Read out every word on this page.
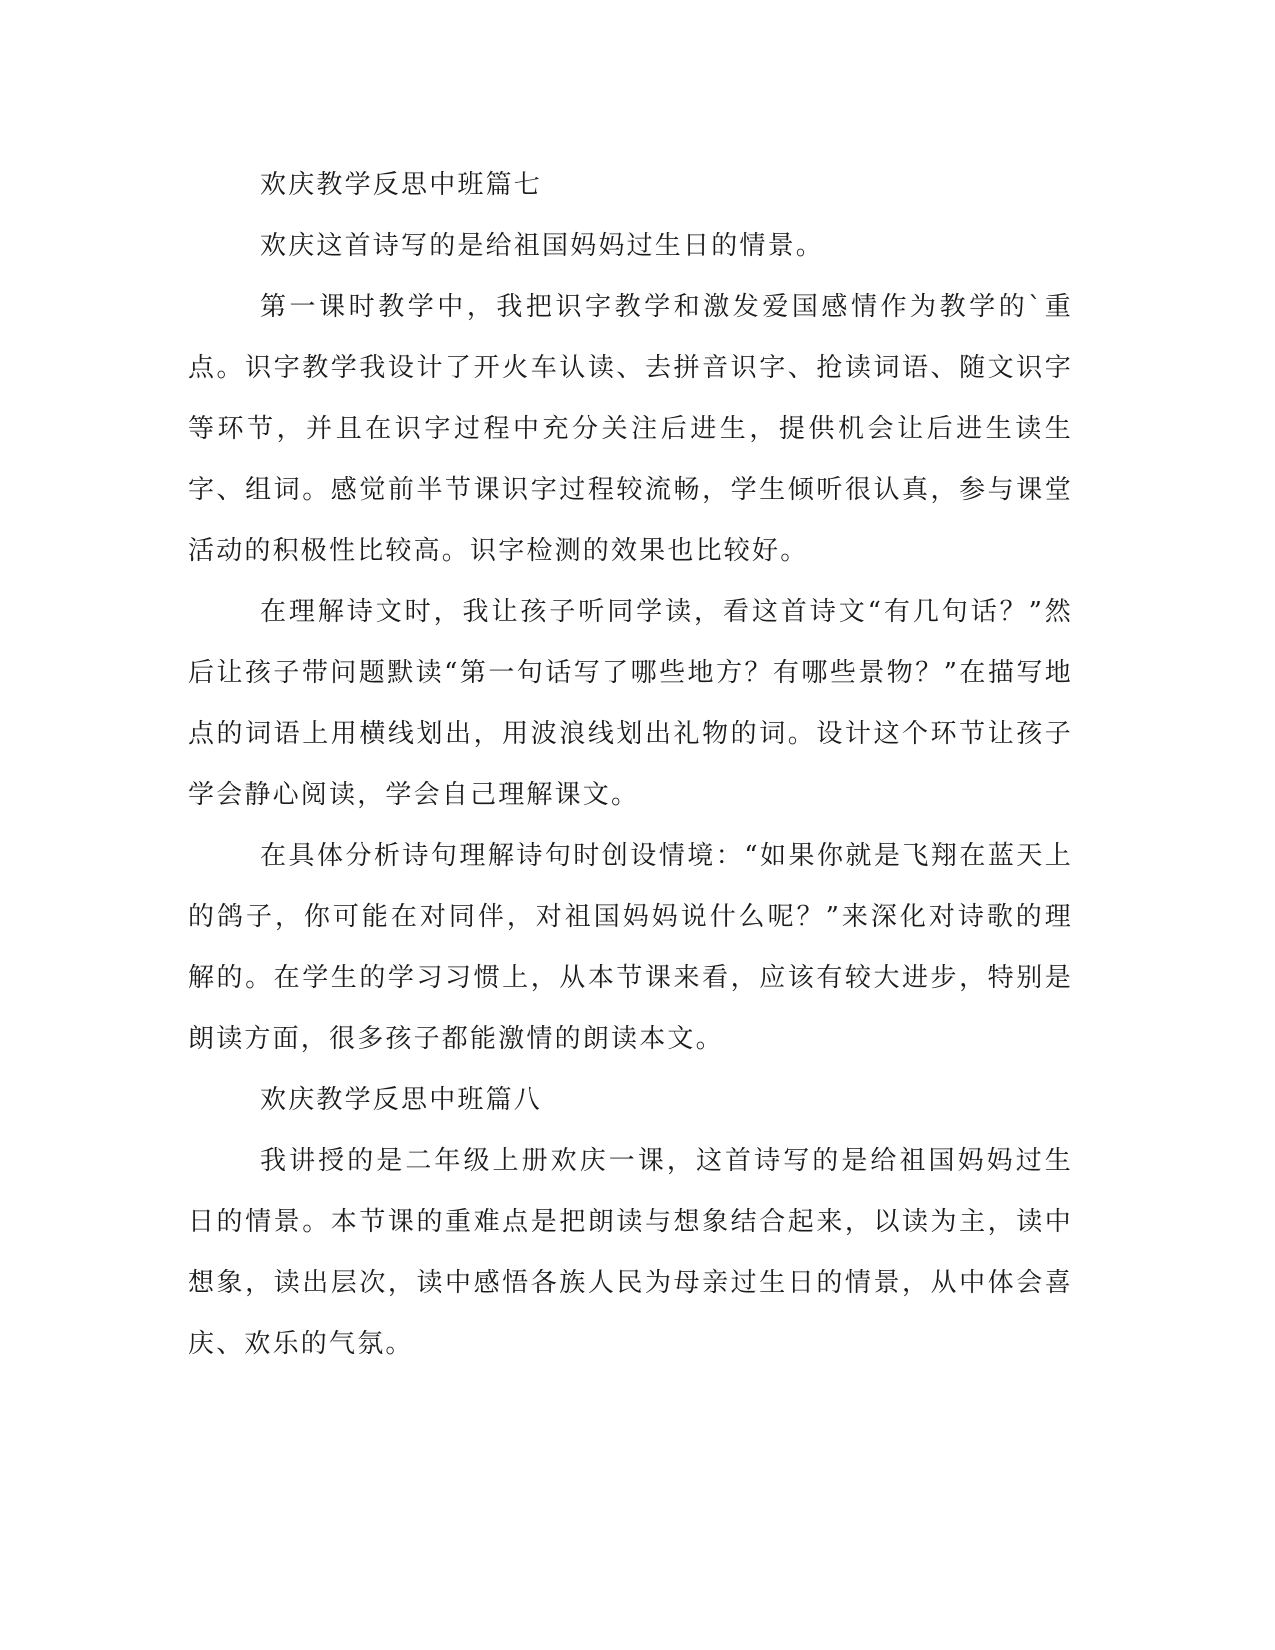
欢庆教学反思中班篇七

欢庆这首诗写的是给祖国妈妈过生日的情景。

第一课时教学中，我把识字教学和激发爱国感情作为教学的`重点。识字教学我设计了开火车认读、去拼音识字、抢读词语、随文识字等环节，并且在识字过程中充分关注后进生，提供机会让后进生读生字、组词。感觉前半节课识字过程较流畅，学生倾听很认真，参与课堂活动的积极性比较高。识字检测的效果也比较好。

在理解诗文时，我让孩子听同学读，看这首诗文“有几句话？”然后让孩子带问题默读“第一句话写了哪些地方？有哪些景物？”在描写地点的词语上用横线划出，用波浪线划出礼物的词。设计这个环节让孩子学会静心阅读，学会自己理解课文。

在具体分析诗句理解诗句时创设情境：“如果你就是飞翔在蓝天上的鸽子，你可能在对同伴，对祖国妈妈说什么呢？”来深化对诗歌的理解的。在学生的学习习惯上，从本节课来看，应该有较大进步，特别是朗读方面，很多孩子都能激情的朗读本文。

欢庆教学反思中班篇八

我讲授的是二年级上册欢庆一课，这首诗写的是给祖国妈妈过生日的情景。本节课的重难点是把朗读与想象结合起来，以读为主，读中想象，读出层次，读中感悟各族人民为母亲过生日的情景，从中体会喜庆、欢乐的气氛。
